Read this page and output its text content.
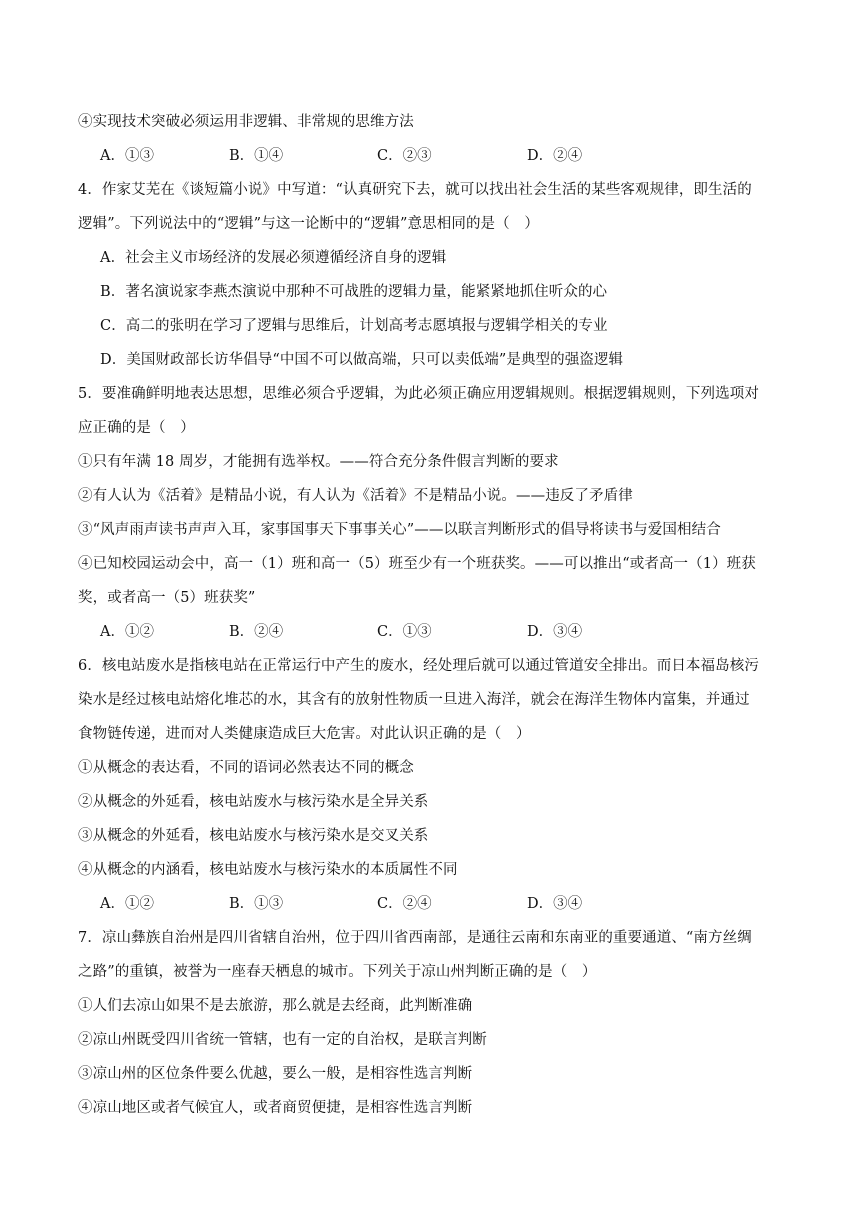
④实现技术突破必须运用非逻辑、非常规的思维方法
A．①③	B．①④	C．②③	D．②④
4．作家艾芜在《谈短篇小说》中写道：“认真研究下去，就可以找出社会生活的某些客观规律，即生活的
逻辑”。下列说法中的“逻辑”与这一论断中的“逻辑”意思相同的是（　）
A．社会主义市场经济的发展必须遵循经济自身的逻辑
B．著名演说家李燕杰演说中那种不可战胜的逻辑力量，能紧紧地抓住听众的心
C．高二的张明在学习了逻辑与思维后，计划高考志愿填报与逻辑学相关的专业
D．美国财政部长访华倡导“中国不可以做高端，只可以卖低端”是典型的强盗逻辑
5．要准确鲜明地表达思想，思维必须合乎逻辑，为此必须正确应用逻辑规则。根据逻辑规则，下列选项对
应正确的是（　）
①只有年满 18 周岁，才能拥有选举权。——符合充分条件假言判断的要求
②有人认为《活着》是精品小说，有人认为《活着》不是精品小说。——违反了矛盾律
③“风声雨声读书声声入耳，家事国事天下事事关心”——以联言判断形式的倡导将读书与爱国相结合
④已知校园运动会中，高一（1）班和高一（5）班至少有一个班获奖。——可以推出“或者高一（1）班获
奖，或者高一（5）班获奖”
A．①②	B．②④	C．①③	D．③④
6．核电站废水是指核电站在正常运行中产生的废水，经处理后就可以通过管道安全排出。而日本福岛核污
染水是经过核电站熔化堆芯的水，其含有的放射性物质一旦进入海洋，就会在海洋生物体内富集，并通过
食物链传递，进而对人类健康造成巨大危害。对此认识正确的是（　）
①从概念的表达看，不同的语词必然表达不同的概念
②从概念的外延看，核电站废水与核污染水是全异关系
③从概念的外延看，核电站废水与核污染水是交叉关系
④从概念的内涵看，核电站废水与核污染水的本质属性不同
A．①②	B．①③	C．②④	D．③④
7．凉山彝族自治州是四川省辖自治州，位于四川省西南部，是通往云南和东南亚的重要通道、“南方丝绸
之路”的重镇，被誉为一座春天栖息的城市。下列关于凉山州判断正确的是（　）
①人们去凉山如果不是去旅游，那么就是去经商，此判断准确
②凉山州既受四川省统一管辖，也有一定的自治权，是联言判断
③凉山州的区位条件要么优越，要么一般，是相容性选言判断
④凉山地区或者气候宜人，或者商贸便捷，是相容性选言判断
